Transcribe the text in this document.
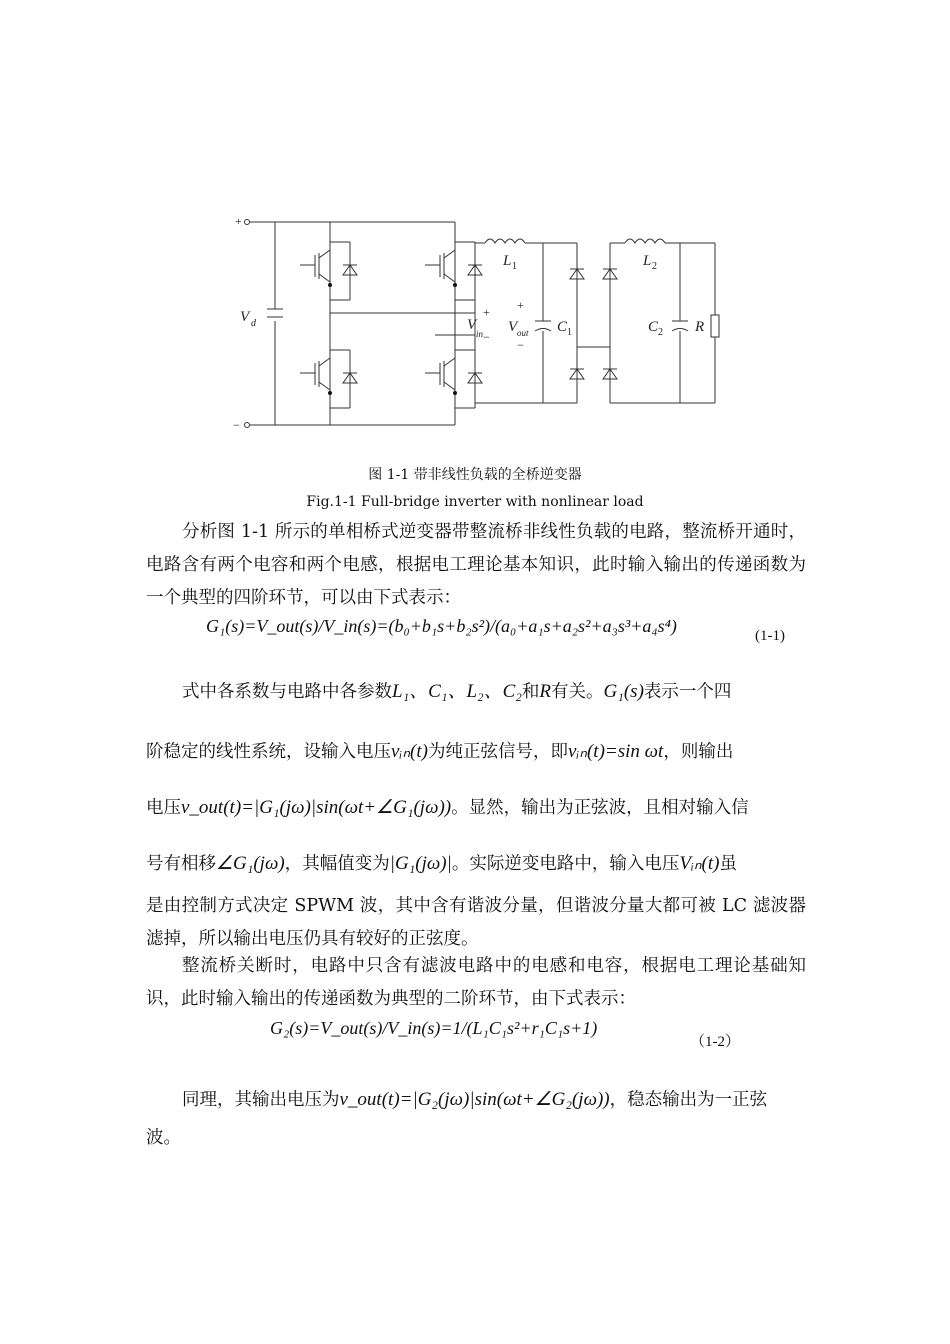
+
−
V d
L 1	L 2
V
in
+
−
V out
+
−
C 1	C 2 R
图 1-1 带非线性负载的全桥逆变器
Fig.1-1 Full-bridge inverter with nonlinear load

分析图 1-1 所示的单相桥式逆变器带整流桥非线性负载的电路，整流桥开通时，电路含有两个电容和两个电感，根据电工理论基本知识，此时输入输出的传递函数为一个典型的四阶环节，可以由下式表示：

G₁(s)=V_out(s)/V_in(s)=(b₀+b₁s+b₂s²)/(a₀+a₁s+a₂s²+a₃s³+a₄s⁴)	(1-1)
式中各系数与电路中各参数L₁、C₁、L₂、C₂和R有关。G₁(s)表示一个四
阶稳定的线性系统，设输入电压vᵢₙ(t)为纯正弦信号，即vᵢₙ(t)=sin ωt，则输出
电压v_out(t)=|G₁(jω)|sin(ωt+∠G₁(jω))。显然，输出为正弦波，且相对输入信
号有相移∠G₁(jω)，其幅值变为|G₁(jω)|。实际逆变电路中，输入电压Vᵢₙ(t)虽

是由控制方式决定 SPWM 波，其中含有谐波分量，但谐波分量大都可被 LC 滤波器滤掉，所以输出电压仍具有较好的正弦度。

整流桥关断时，电路中只含有滤波电路中的电感和电容，根据电工理论基础知识，此时输入输出的传递函数为典型的二阶环节，由下式表示：

G₂(s)=V_out(s)/V_in(s)=1/(L₁C₁s²+r₁C₁s+1)
（1-2）
同理，其输出电压为v_out(t)=|G₂(jω)|sin(ωt+∠G₂(jω))，稳态输出为一正弦
波。
